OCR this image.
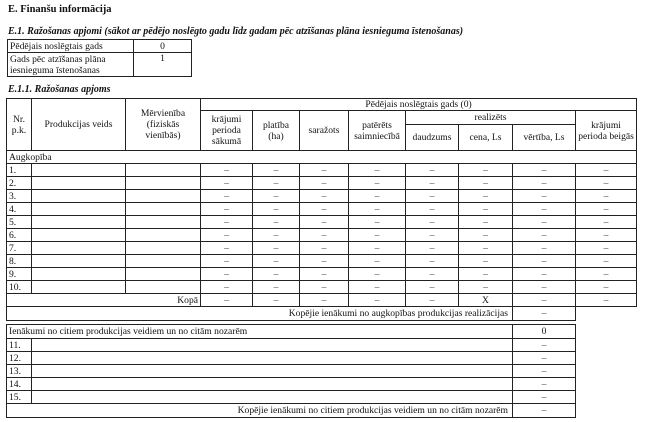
E. Finanšu informācija
E.1. Ražošanas apjomi (sākot ar pēdējo noslēgto gadu līdz gadam pēc atzīšanas plāna iesnieguma īstenošanas)
Pēdējais noslēgtais gads	0
Gads pēc atzīšanas plāna iesnieguma īstenošanas	1
E.1.1. Ražošanas apjoms
Nr. p.k.	Produkcijas veids	Mērvienība (fiziskās vienībās)	Pēdējais noslēgtais gads (0)							
			krājumi perioda sākumā	platība (ha)	saražots	patērēts saimniecībā	realizēts			krājumi perioda beigās
							daudzums	cena, Ls	vērtība, Ls	
Augkopība										
1.			–	–	–	–	–	–	–	–
2.			–	–	–	–	–	–	–	–
3.			–	–	–	–	–	–	–	–
4.			–	–	–	–	–	–	–	–
5.			–	–	–	–	–	–	–	–
6.			–	–	–	–	–	–	–	–
7.			–	–	–	–	–	–	–	–
8.			–	–	–	–	–	–	–	–
9.			–	–	–	–	–	–	–	–
10.			–	–	–	–	–	–	–	–
Kopā			–	–	–	–	–	X	–	–
Kopējie ienākumi no augkopības produkcijas realizācijas									–	
Ienākumi no citiem produkcijas veidiem un no citām nozarēm		0
11.		–
12.		–
13.		–
14.		–
15.		–
Kopējie ienākumi no citiem produkcijas veidiem un no citām nozarēm		–
